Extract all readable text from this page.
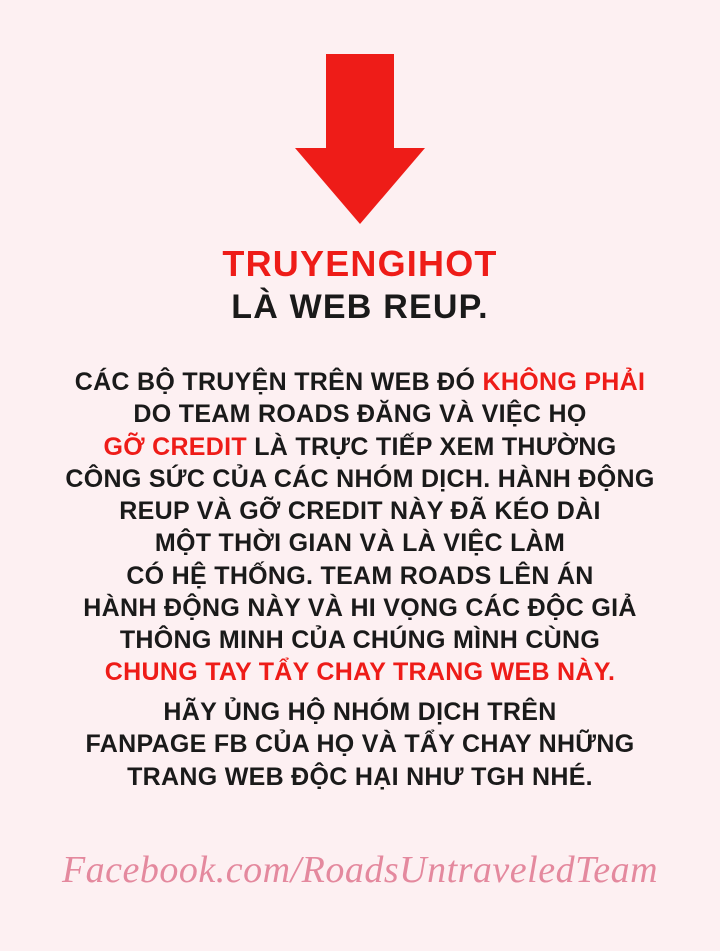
TRUYENGIHOT
LÀ WEB REUP.
CÁC BỘ TRUYỆN TRÊN WEB ĐÓ KHÔNG PHẢI
DO TEAM ROADS ĐĂNG VÀ VIỆC HỌ
GỠ CREDIT LÀ TRỰC TIẾP XEM THƯỜNG
CÔNG SỨC CỦA CÁC NHÓM DỊCH. HÀNH ĐỘNG
REUP VÀ GỠ CREDIT NÀY ĐÃ KÉO DÀI
MỘT THỜI GIAN VÀ LÀ VIỆC LÀM
CÓ HỆ THỐNG. TEAM ROADS LÊN ÁN
HÀNH ĐỘNG NÀY VÀ HI VỌNG CÁC ĐỘC GIẢ
THÔNG MINH CỦA CHÚNG MÌNH CÙNG
CHUNG TAY TẨY CHAY TRANG WEB NÀY.
HÃY ỦNG HỘ NHÓM DỊCH TRÊN
FANPAGE FB CỦA HỌ VÀ TẨY CHAY NHỮNG
TRANG WEB ĐỘC HẠI NHƯ TGH NHÉ.
Facebook.com/RoadsUntraveledTeam
